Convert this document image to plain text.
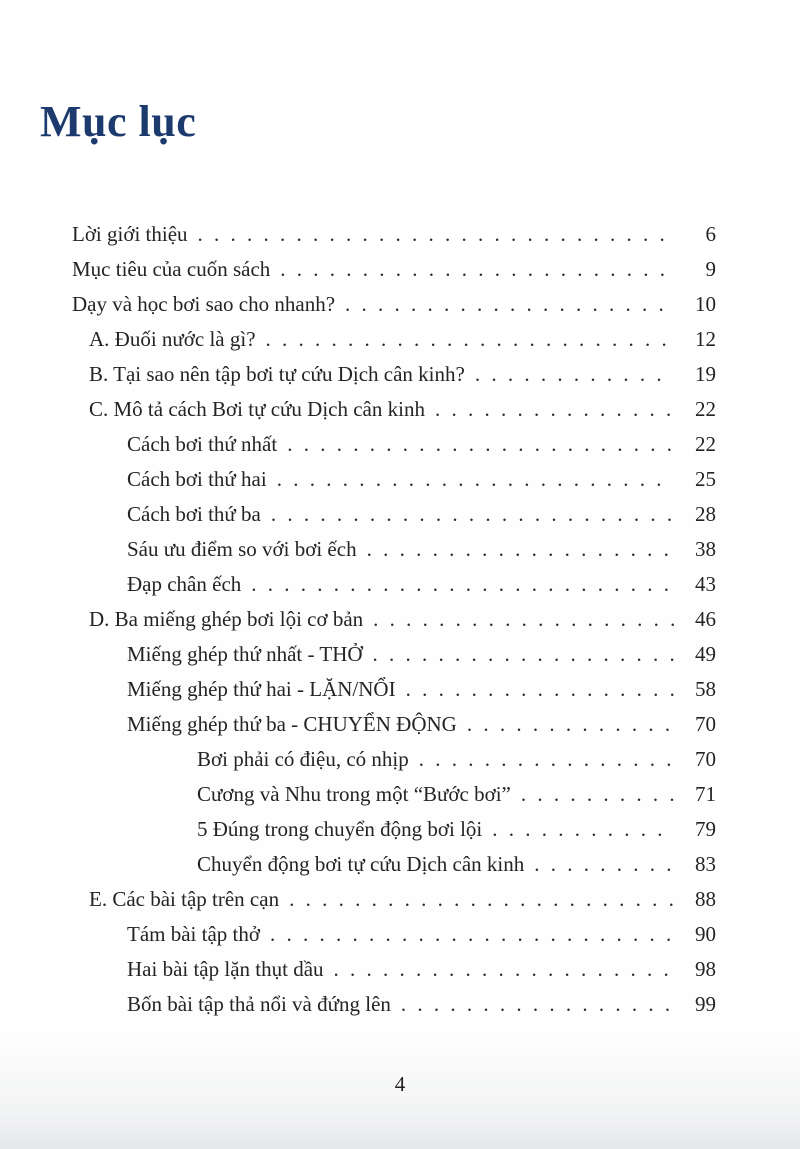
Mục lục
Lời giới thiệu . . .	6
Mục tiêu của cuốn sách . . .	9
Dạy và học bơi sao cho nhanh? . . .	10
A. Đuối nước là gì? . . .	12
B. Tại sao nên tập bơi tự cứu Dịch cân kinh? . . .	19
C. Mô tả cách Bơi tự cứu Dịch cân kinh . . .	22
Cách bơi thứ nhất . . .	22
Cách bơi thứ hai . . .	25
Cách bơi thứ ba . . .	28
Sáu ưu điểm so với bơi ếch . . .	38
Đạp chân ếch . . .	43
D. Ba miếng ghép bơi lội cơ bản . . .	46
Miếng ghép thứ nhất - THỞ . . .	49
Miếng ghép thứ hai - LẶN/NỔI . . .	58
Miếng ghép thứ ba - CHUYỂN ĐỘNG . . .	70
Bơi phải có điệu, có nhịp . . .	70
Cương và Nhu trong một “Bước bơi” . . .	71
5 Đúng trong chuyển động bơi lội . . .	79
Chuyển động bơi tự cứu Dịch cân kinh . . .	83
E. Các bài tập trên cạn . . .	88
Tám bài tập thở . . .	90
Hai bài tập lặn thụt dầu . . .	98
Bốn bài tập thả nổi và đứng lên . . .	99
4
